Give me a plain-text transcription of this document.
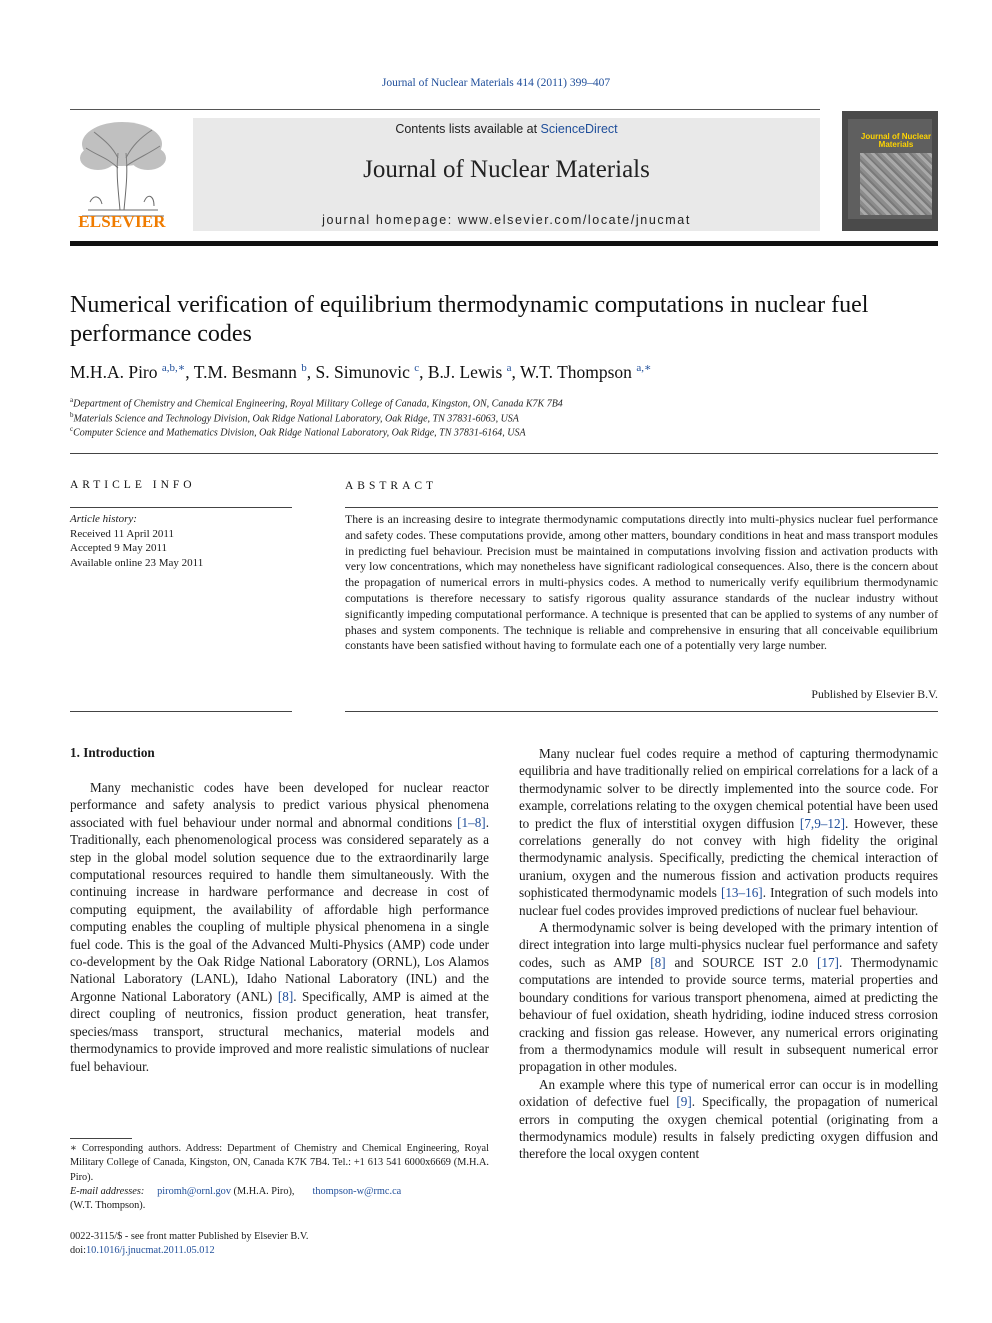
Journal of Nuclear Materials 414 (2011) 399–407
ELSEVIER
Contents lists available at ScienceDirect
Journal of Nuclear Materials
journal homepage: www.elsevier.com/locate/jnucmat
Journal of Nuclear Materials
Numerical verification of equilibrium thermodynamic computations in nuclear fuel performance codes
M.H.A. Piro $^{a,b,∗}$, T.M. Besmann $^b$, S. Simunovic $^c$, B.J. Lewis $^a$, W.T. Thompson $^{a,∗}$
$^a$Department of Chemistry and Chemical Engineering, Royal Military College of Canada, Kingston, ON, Canada K7K 7B4
$^b$Materials Science and Technology Division, Oak Ridge National Laboratory, Oak Ridge, TN 37831-6063, USA
$^c$Computer Science and Mathematics Division, Oak Ridge National Laboratory, Oak Ridge, TN 37831-6164, USA
ARTICLE INFO	ABSTRACT
Article history:
Received 11 April 2011
Accepted 9 May 2011
Available online 23 May 2011
There is an increasing desire to integrate thermodynamic computations directly into multi-physics nuclear fuel performance and safety codes. These computations provide, among other matters, boundary conditions in heat and mass transport modules in predicting fuel behaviour. Precision must be maintained in computations involving fission and activation products with very low concentrations, which may nonetheless have significant radiological consequences. Also, there is the concern about the propagation of numerical errors in multi-physics codes. A method to numerically verify equilibrium thermodynamic computations is therefore necessary to satisfy rigorous quality assurance standards of the nuclear industry without significantly impeding computational performance. A technique is presented that can be applied to systems of any number of phases and system components. The technique is reliable and comprehensive in ensuring that all conceivable equilibrium constants have been satisfied without having to formulate each one of a potentially very large number.
Published by Elsevier B.V.
1. Introduction

Many mechanistic codes have been developed for nuclear reactor performance and safety analysis to predict various physical phenomena associated with fuel behaviour under normal and abnormal conditions [1–8]. Traditionally, each phenomenological process was considered separately as a step in the global model solution sequence due to the extraordinarily large computational resources required to handle them simultaneously. With the continuing increase in hardware performance and decrease in cost of computing equipment, the availability of affordable high performance computing enables the coupling of multiple physical phenomena in a single fuel code. This is the goal of the Advanced Multi-Physics (AMP) code under co-development by the Oak Ridge National Laboratory (ORNL), Los Alamos National Laboratory (LANL), Idaho National Laboratory (INL) and the Argonne National Laboratory (ANL) [8]. Specifically, AMP is aimed at the direct coupling of neutronics, fission product generation, heat transfer, species/mass transport, structural mechanics, material models and thermodynamics to provide improved and more realistic simulations of nuclear fuel behaviour.

Many nuclear fuel codes require a method of capturing thermodynamic equilibria and have traditionally relied on empirical correlations for a lack of a thermodynamic solver to be directly implemented into the source code. For example, correlations relating to the oxygen chemical potential have been used to predict the flux of interstitial oxygen diffusion [7,9–12]. However, these correlations generally do not convey with high fidelity the original thermodynamic analysis. Specifically, predicting the chemical interaction of uranium, oxygen and the numerous fission and activation products requires sophisticated thermodynamic models [13–16]. Integration of such models into nuclear fuel codes provides improved predictions of nuclear fuel behaviour.

A thermodynamic solver is being developed with the primary intention of direct integration into large multi-physics nuclear fuel performance and safety codes, such as AMP [8] and SOURCE IST 2.0 [17]. Thermodynamic computations are intended to provide source terms, material properties and boundary conditions for various transport phenomena, aimed at predicting the behaviour of fuel oxidation, sheath hydriding, iodine induced stress corrosion cracking and fission gas release. However, any numerical errors originating from a thermodynamics module will result in subsequent numerical error propagation in other modules.

An example where this type of numerical error can occur is in modelling oxidation of defective fuel [9]. Specifically, the propagation of numerical errors in computing the oxygen chemical potential (originating from a thermodynamics module) results in falsely predicting oxygen diffusion and therefore the local oxygen content

∗ Corresponding authors. Address: Department of Chemistry and Chemical Engineering, Royal Military College of Canada, Kingston, ON, Canada K7K 7B4. Tel.: +1 613 541 6000x6669 (M.H.A. Piro).
E-mail addresses: piromh@ornl.gov (M.H.A. Piro), thompson-w@rmc.ca
(W.T. Thompson).
0022-3115/$ - see front matter Published by Elsevier B.V.
doi:10.1016/j.jnucmat.2011.05.012
